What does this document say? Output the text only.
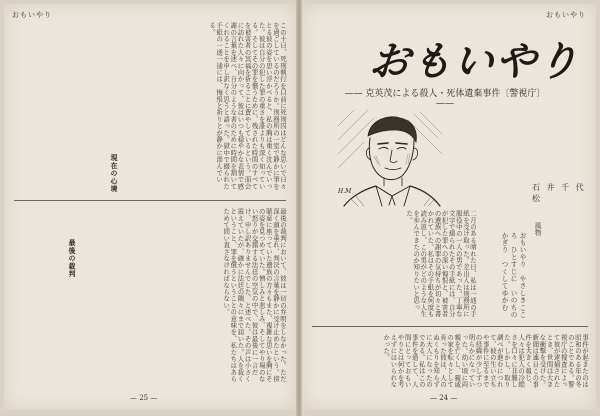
おもいやり
この十日、死刑執行を目前に死刑囚はどんな思いで日々を過ごしているのだろうか。刑務所の一室で静かに筆をとる彼の姿を思い浮かべると、私の胸は重く沈んでいった。彼は自分の犯した罪の重さを誰よりも深く知っている。そしてその罪を償うために、残された時間のすべてを被害者の冥福を祈ることに費やしているという。面会に訪れた人々に向かって、彼はいつも穏やかな表情で感謝の言葉を述べ、自分のような者のために時間を割いてくれることを申し訳なく思うと語った。獄中で綴られた手紙の一通一通には、悔恨と祈りとが静かに滲んでいる。
現在の心境
最後の裁判において、彼は一切の弁明をしなかった。ただ深く頭を垂れ、判決の言葉を静かに受け止めたという。傍聴席に座っていた遺族の方々もまた、複雑な思いを胸にその姿を見つめていた。憎しみと悲しみ、そしてやり場のない怒りが交錯する法廷の空気の中で、彼は最後に一言だけ、申し訳ありませんでした、と述べた。その声は小さく震えていたが、確かに法廷の隅々にまで届いた。人を裁くということ、罪を償うということの意味を、私たちはあらためて問い直さなければならない。
最後の裁判
— 25 —
おもいやり
— 24 —
おもいやり
—— 克英茂による殺人・死体遺棄事件〔警視庁〕——
H.M	石 井 千 代 松
風物
おもいやり　やさしきこころ　ひとすじに　いのちのかぎり　つくしてゆかむ
二月のある晴れた日、私は一通の手紙を受け取った。差出人は刑務所に服役中の一人の男であった。丁寧な文字で綴られたその手紙には、自分が犯した罪への深い悔恨と、被害者の遺族への謝罪の気持ちが切々と書かれていた。私はその手紙を何度も読み返し、この男がどのような人生を歩んできたのか知りたいと思った。
事件が起きたのは昭和のある年の冬のことである。警視庁の捜査によって彼が逮捕されたとき、世間は大きな衝撃を受けた。新聞は連日この事件を大きく報じ、人々は犯人の冷酷さを口々に非難した。しかし、取り調べが進むにつれて、彼の生い立ちや事件に至るまでの経緯が少しずつ明らかになっていった。幼い頃に両親を亡くし、親戚の家を転々として育った彼は、人のぬくもりを知らずに大人になったのである。私はこの事件を通して、人間にとっておもいやりとは何かを考えずにはいられなかった。
